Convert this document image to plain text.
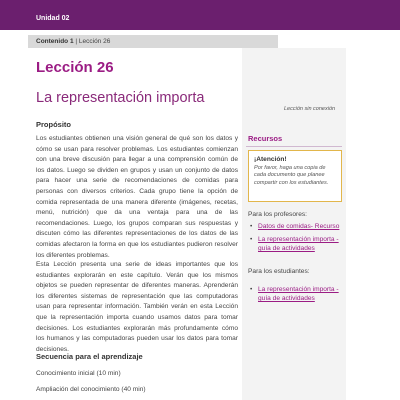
Unidad 02
Contenido 1 | Lección 26
Lección 26
La representación importa
Lección sin conexión
Propósito
Los estudiantes obtienen una visión general de qué son los datos y cómo se usan para resolver problemas. Los estudiantes comienzan con una breve discusión para llegar a una comprensión común de los datos. Luego se dividen en grupos y usan un conjunto de datos para hacer una serie de recomendaciones de comidas para personas con diversos criterios. Cada grupo tiene la opción de comida representada de una manera diferente (imágenes, recetas, menú, nutrición) que da una ventaja para una de las recomendaciones. Luego, los grupos comparan sus respuestas y discuten cómo las diferentes representaciones de los datos de las comidas afectaron la forma en que los estudiantes pudieron resolver los diferentes problemas.
Esta Lección presenta una serie de ideas importantes que los estudiantes explorarán en este capítulo. Verán que los mismos objetos se pueden representar de diferentes maneras. Aprenderán los diferentes sistemas de representación que las computadoras usan para representar información. También verán en esta Lección que la representación importa cuando usamos datos para tomar decisiones. Los estudiantes explorarán más profundamente cómo los humanos y las computadoras pueden usar los datos para tomar decisiones.
Secuencia para el aprendizaje
Conocimiento inicial (10 min)
Ampliación del conocimiento (40 min)
Recursos
¡Atención!
Por favor, haga una copia de cada documento que planee compartir con los estudiantes.
Para los profesores:
• Datos de comidas- Recurso
• La representación importa - guía de actividades
Para los estudiantes:
• La representación importa - guía de actividades
